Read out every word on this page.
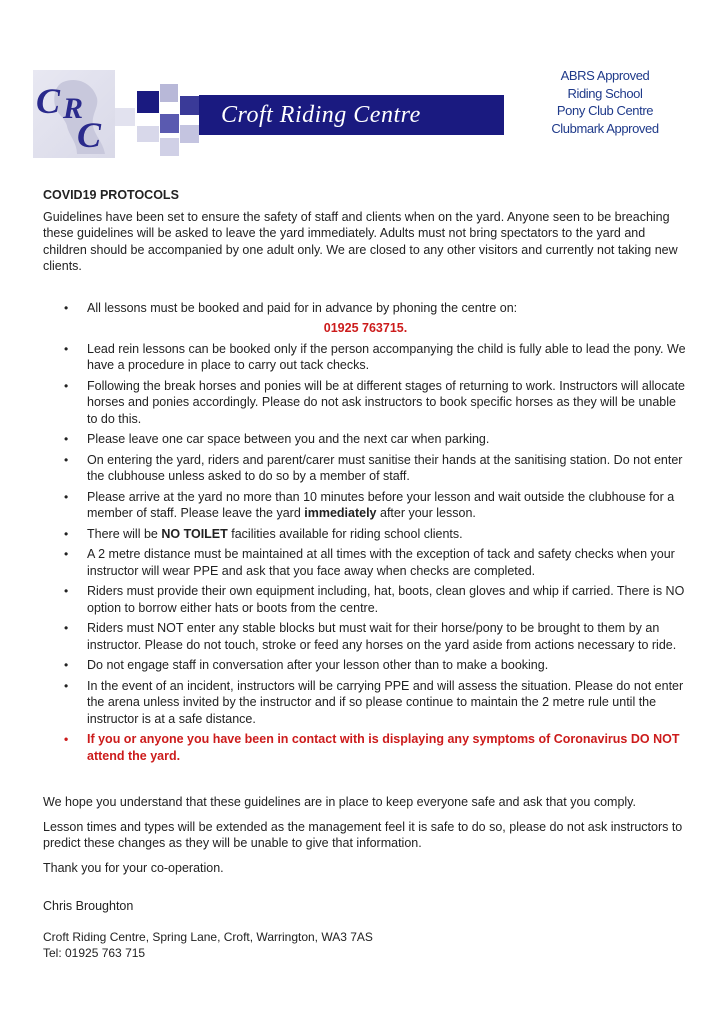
C R
C	Croft Riding Centre
ABRS Approved
Riding School
Pony Club Centre
Clubmark Approved
COVID19 PROTOCOLS

Guidelines have been set to ensure the safety of staff and clients when on the yard. Anyone seen to be breaching these guidelines will be asked to leave the yard immediately. Adults must not bring spectators to the yard and children should be accompanied by one adult only. We are closed to any other visitors and currently not taking new clients.

• All lessons must be booked and paid for in advance by phoning the centre on:
01925 763715.
• Lead rein lessons can be booked only if the person accompanying the child is fully able to lead the pony. We have a procedure in place to carry out tack checks.
• Following the break horses and ponies will be at different stages of returning to work. Instructors will allocate horses and ponies accordingly. Please do not ask instructors to book specific horses as they will be unable to do this.
• Please leave one car space between you and the next car when parking.
• On entering the yard, riders and parent/carer must sanitise their hands at the sanitising station. Do not enter the clubhouse unless asked to do so by a member of staff.
• Please arrive at the yard no more than 10 minutes before your lesson and wait outside the clubhouse for a member of staff. Please leave the yard immediately after your lesson.
• There will be NO TOILET facilities available for riding school clients.
• A 2 metre distance must be maintained at all times with the exception of tack and safety checks when your instructor will wear PPE and ask that you face away when checks are completed.
• Riders must provide their own equipment including, hat, boots, clean gloves and whip if carried. There is NO option to borrow either hats or boots from the centre.
• Riders must NOT enter any stable blocks but must wait for their horse/pony to be brought to them by an instructor. Please do not touch, stroke or feed any horses on the yard aside from actions necessary to ride.
• Do not engage staff in conversation after your lesson other than to make a booking.
• In the event of an incident, instructors will be carrying PPE and will assess the situation. Please do not enter the arena unless invited by the instructor and if so please continue to maintain the 2 metre rule until the instructor is at a safe distance.
• If you or anyone you have been in contact with is displaying any symptoms of Coronavirus DO NOT attend the yard.

We hope you understand that these guidelines are in place to keep everyone safe and ask that you comply.

Lesson times and types will be extended as the management feel it is safe to do so, please do not ask instructors to predict these changes as they will be unable to give that information.

Thank you for your co-operation.

Chris Broughton
Croft Riding Centre, Spring Lane, Croft, Warrington, WA3 7AS
Tel: 01925 763 715
